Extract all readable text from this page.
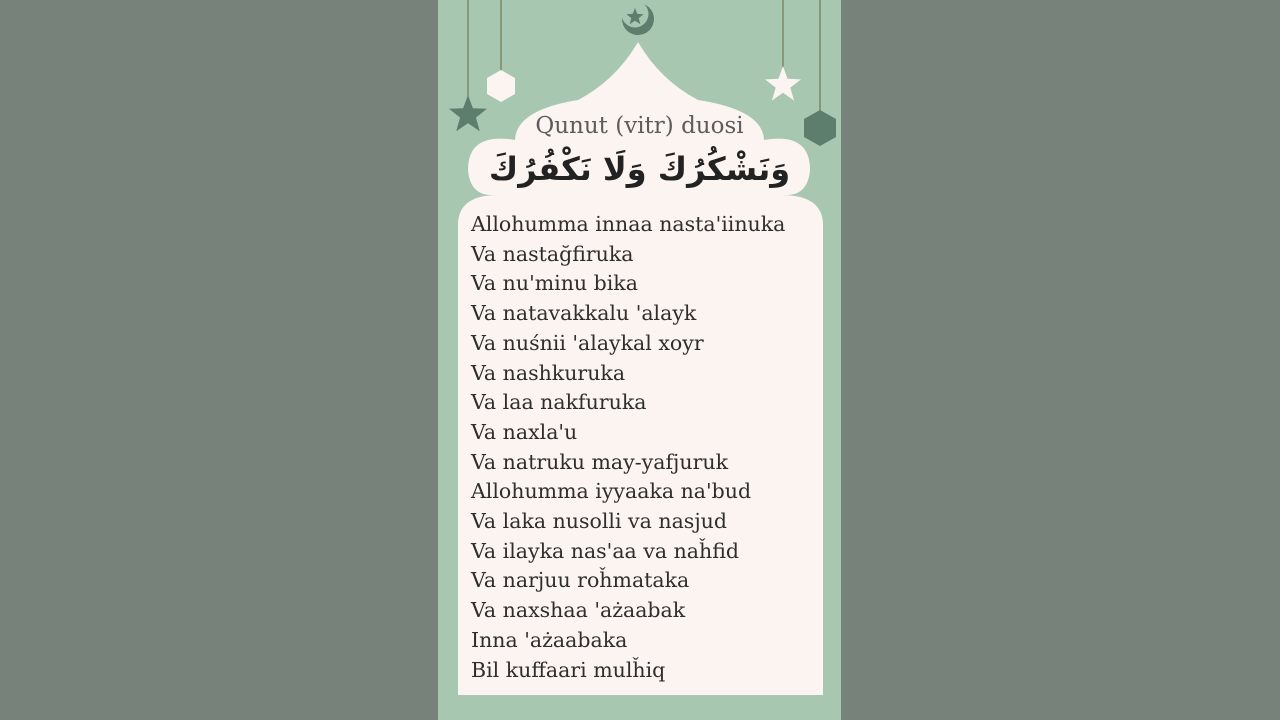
Qunut (vitr) duosi
وَنَشْكُرُكَ وَلَا نَكْفُرُكَ
Allohumma innaa nasta'iinuka
Va nastağfiruka
Va nu'minu bika
Va natavakkalu 'alayk
Va nuśnii 'alaykal xoyr
Va nashkuruka
Va laa nakfuruka
Va naxla'u
Va natruku may-yafjuruk
Allohumma iyyaaka na'bud
Va laka nusolli va nasjud
Va ilayka nas'aa va naȟfid
Va narjuu roȟmataka
Va naxshaa 'ażaabak
Inna 'ażaabaka
Bil kuffaari mulȟiq
